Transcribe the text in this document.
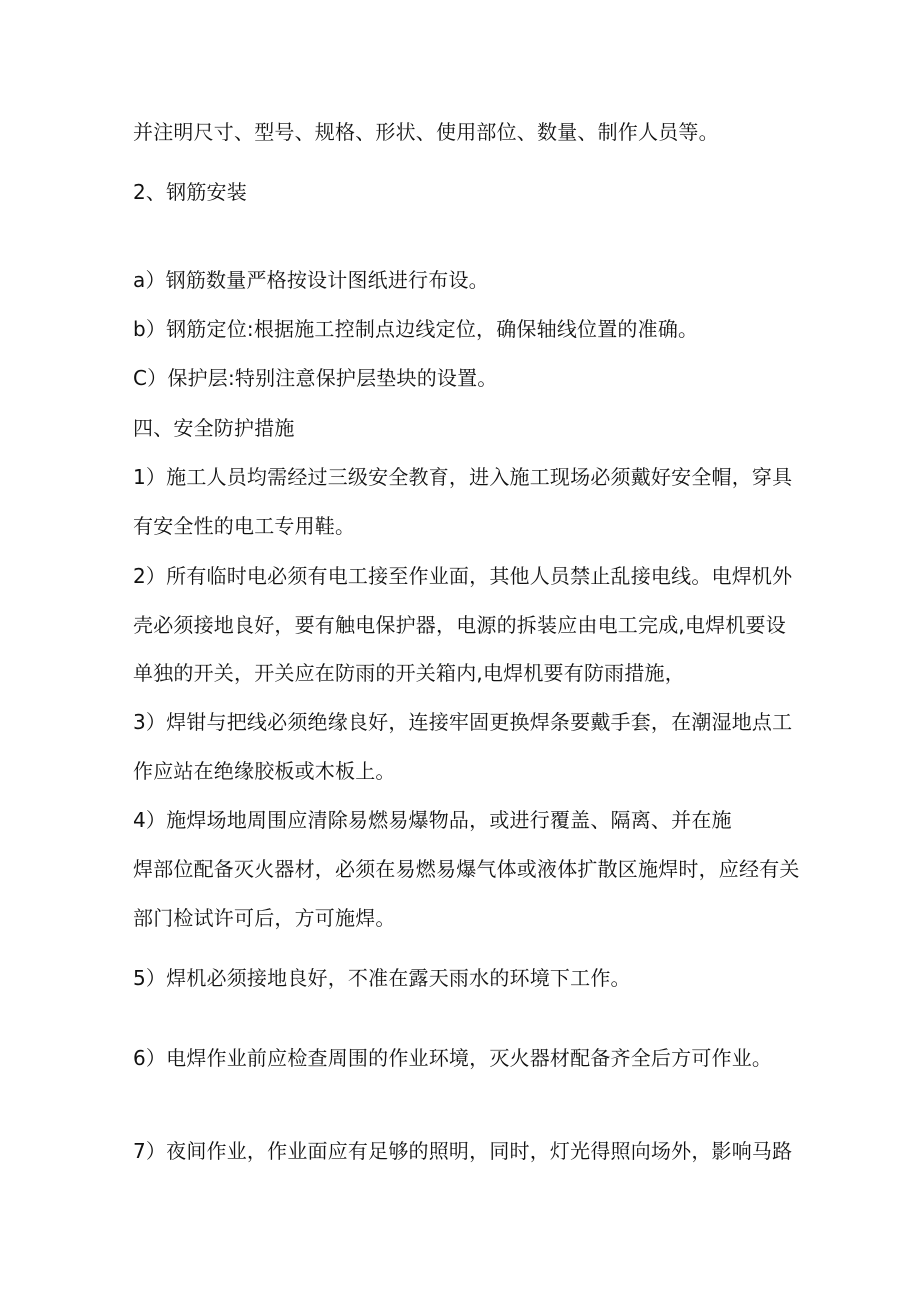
并注明尺寸、型号、规格、形状、使用部位、数量、制作人员等。
2、钢筋安装
a）钢筋数量严格按设计图纸进行布设。
b）钢筋定位:根据施工控制点边线定位，确保轴线位置的准确。
C）保护层:特别注意保护层垫块的设置。
四、安全防护措施
1）施工人员均需经过三级安全教育，进入施工现场必须戴好安全帽，穿具
有安全性的电工专用鞋。
2）所有临时电必须有电工接至作业面，其他人员禁止乱接电线。电焊机外
壳必须接地良好，要有触电保护器，电源的拆装应由电工完成,电焊机要设
单独的开关，开关应在防雨的开关箱内,电焊机要有防雨措施，
3）焊钳与把线必须绝缘良好，连接牢固更换焊条要戴手套，在潮湿地点工
作应站在绝缘胶板或木板上。
4）施焊场地周围应清除易燃易爆物品，或进行覆盖、隔离、并在施
焊部位配备灭火器材，必须在易燃易爆气体或液体扩散区施焊时，应经有关
部门检试许可后，方可施焊。
5）焊机必须接地良好，不准在露天雨水的环境下工作。
6）电焊作业前应检查周围的作业环境，灭火器材配备齐全后方可作业。
7）夜间作业，作业面应有足够的照明，同时，灯光得照向场外，影响马路
